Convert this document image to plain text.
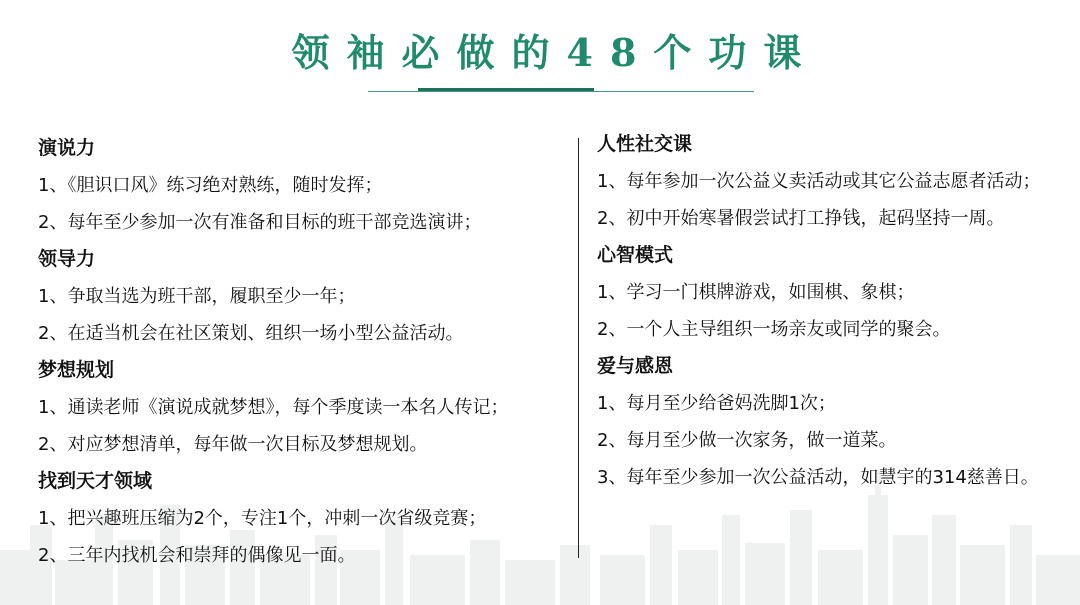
领袖必做的48个功课
演说力
1、《胆识口风》练习绝对熟练，随时发挥；
2、每年至少参加一次有准备和目标的班干部竞选演讲；
领导力
1、争取当选为班干部，履职至少一年；
2、在适当机会在社区策划、组织一场小型公益活动。
梦想规划
1、通读老师《演说成就梦想》，每个季度读一本名人传记；
2、对应梦想清单，每年做一次目标及梦想规划。
找到天才领域
1、把兴趣班压缩为2个，专注1个，冲刺一次省级竞赛；
2、三年内找机会和崇拜的偶像见一面。
人性社交课
1、每年参加一次公益义卖活动或其它公益志愿者活动；
2、初中开始寒暑假尝试打工挣钱，起码坚持一周。
心智模式
1、学习一门棋牌游戏，如围棋、象棋；
2、一个人主导组织一场亲友或同学的聚会。
爱与感恩
1、每月至少给爸妈洗脚1次；
2、每月至少做一次家务，做一道菜。
3、每年至少参加一次公益活动，如慧宇的314慈善日。
